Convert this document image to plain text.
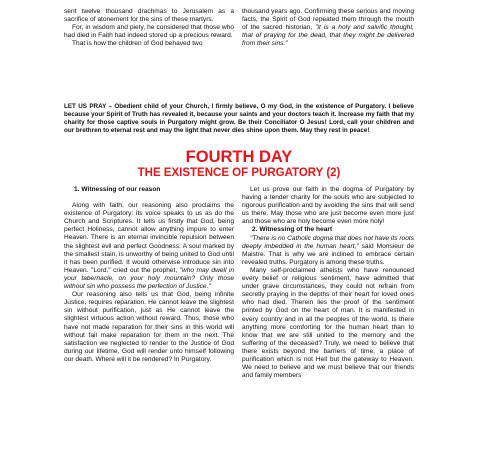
sent twelve thousand drachmas to Jerusalem as a sacrifice of atonement for the sins of these martyrs.

For, in wisdom and piety, he considered that those who had died in Faith had indeed stored up a precious reward.

That is how the children of God behaved two

thousand years ago. Confirming these serious and moving facts, the Spirit of God repeated them through the mouth of the sacred historian, "it is a holy and salvific thought, that of praying for the dead, that they might be delivered from their sins."

LET US PRAY – Obedient child of your Church, I firmly believe, O my God, in the existence of Purgatory. I believe because your Spirit of Truth has revealed it, because your saints and your doctors teach it. Increase my faith that my charity for those captive souls in Purgatory might grow. Be their Conciliator O Jesus! Lord, call your children and our brethren to eternal rest and may the light that never dies shine upon them. May they rest in peace!
FOURTH DAY
THE EXISTENCE OF PURGATORY (2)

1. Witnessing of our reason

Along with faith, our reasoning also proclaims the existence of Purgatory: its voice speaks to us as do the Church and Scriptures. It tells us firstly that God, being perfect Holiness, cannot allow anything impure to enter Heaven. There is an eternal invincible repulsion between the slightest evil and perfect Goodness. A soul marked by the smallest stain, is unworthy of being united to God until it has been purified. It would otherwise introduce sin into Heaven. "Lord," cried out the prophet, "who may dwell in your tabernacle, on your holy mountain? Only those without sin who possess the perfection of Justice."

Our reasoning also tells us that God, being infinite Justice, requires reparation. He cannot leave the slightest sin without purification, just as He cannot leave the slightest virtuous action without reward. Thus, those who have not made reparation for their sins in this world will without fail make reparation for them in the next. The satisfaction we neglected to render to the Justice of God during our lifetime, God will render unto himself following our death. Where will it be rendered? In Purgatory.

Let us prove our faith in the dogma of Purgatory by having a tender charity for the souls who are subjected to rigorous purification and by avoiding the sins that will send us there. May those who are just become even more just and those who are holy become even more holy!

2. Witnessing of the heart

"There is no Catholic dogma that does not have its roots deeply imbedded in the human heart," said Monsieur de Maistre. That is why we are inclined to embrace certain revealed truths. Purgatory is among these truths.

Many self-proclaimed atheists who have renounced every belief or religious sentiment, have admitted that under grave circumstances, they could not refrain from secretly praying in the depths of their heart for loved ones who had died. Therein lies the proof of the sentiment printed by God on the heart of man. It is manifested in every country and in all the peoples of the world. Is there anything more comforting for the human heart than to know that we are still united to the memory and the suffering of the deceased? Truly, we need to believe that there exists beyond the barriers of time, a place of purification which is not Hell but the gateway to Heaven. We need to believe and we must believe that our friends and family members
